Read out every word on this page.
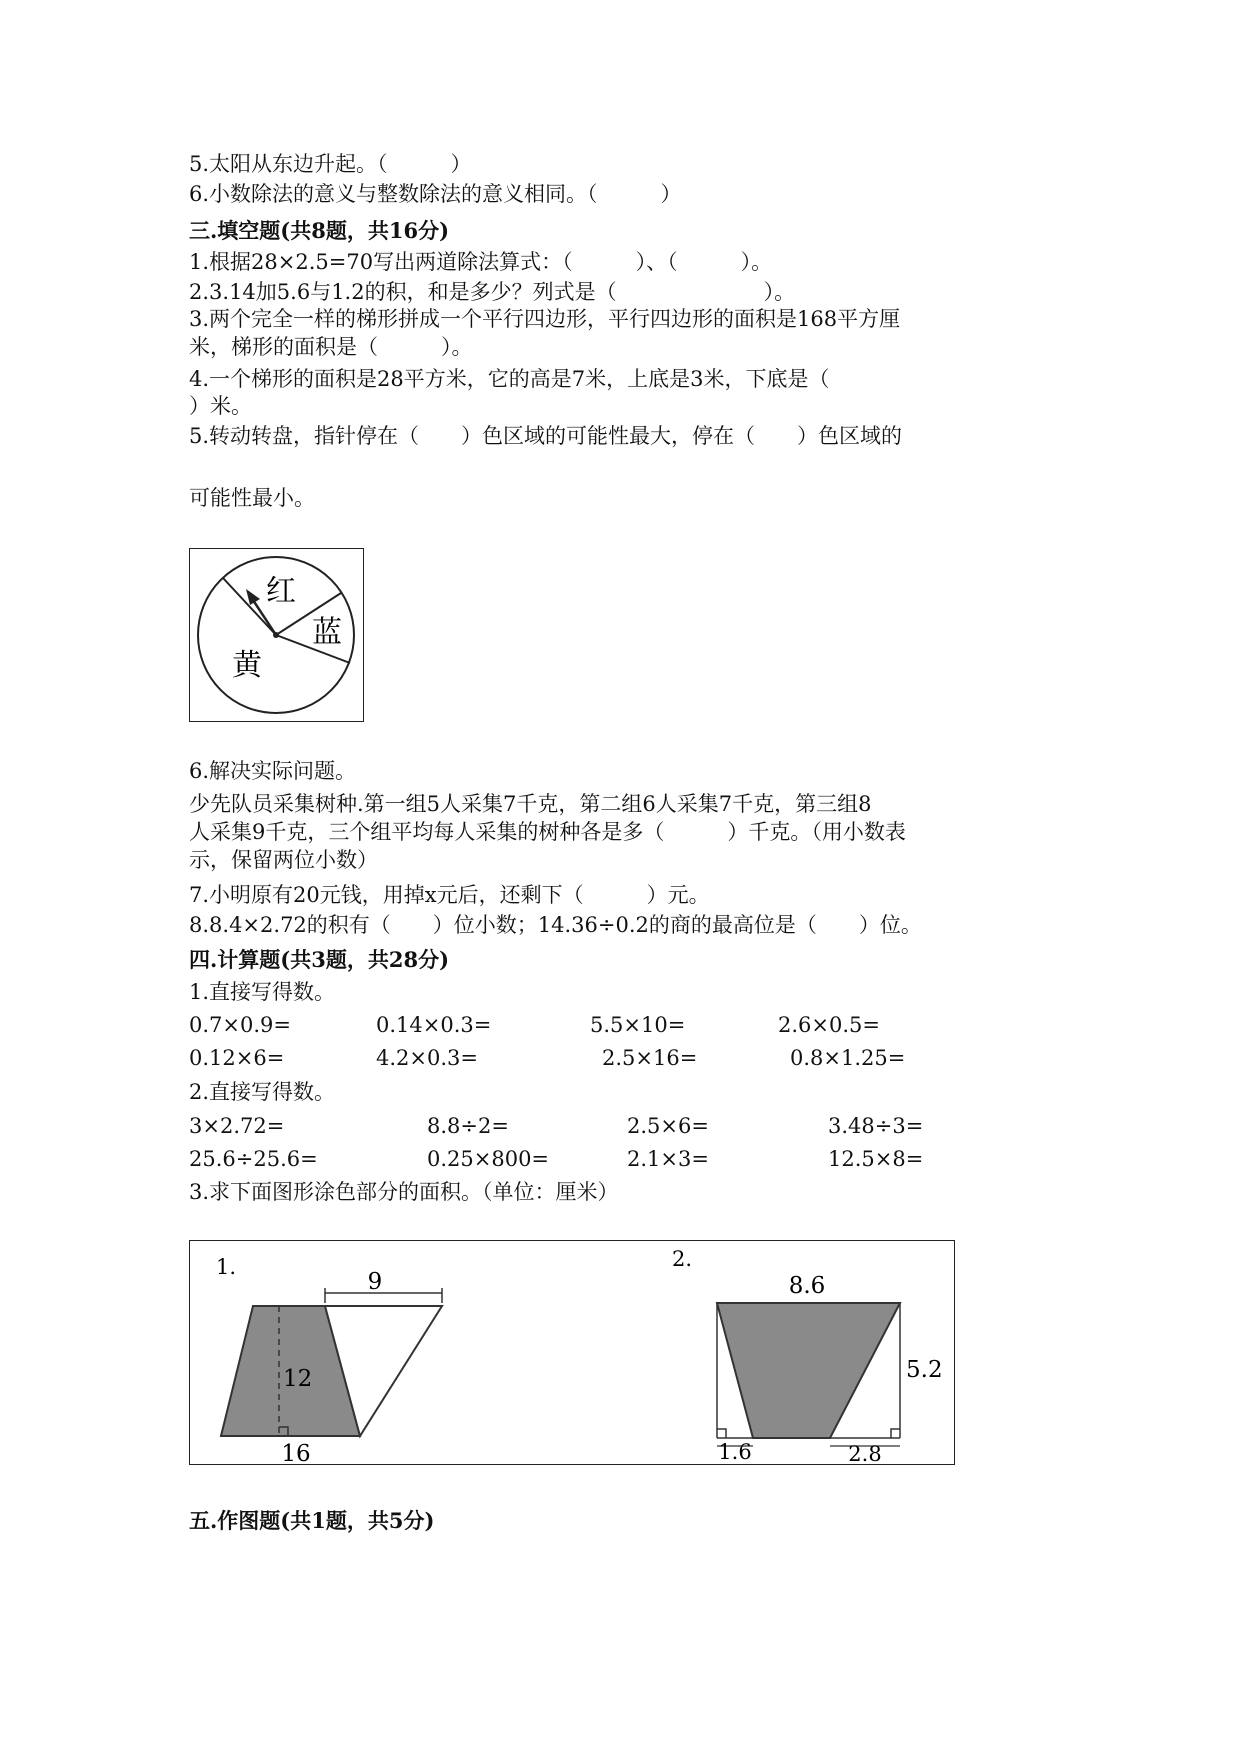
5.太阳从东边升起。（　　　）
6.小数除法的意义与整数除法的意义相同。（　　　）
三.填空题(共8题，共16分)
1.根据28×2.5=70写出两道除法算式：（　　　）、（　　　）。
2.3.14加5.6与1.2的积，和是多少？列式是（　　　　　　　）。
3.两个完全一样的梯形拼成一个平行四边形，平行四边形的面积是168平方厘
米，梯形的面积是（　　　）。
4.一个梯形的面积是28平方米，它的高是7米，上底是3米，下底是（
）米。
5.转动转盘，指针停在（　　）色区域的可能性最大，停在（　　）色区域的
可能性最小。
红
蓝
黄
6.解决实际问题。
少先队员采集树种.第一组5人采集7千克，第二组6人采集7千克，第三组8
人采集9千克，三个组平均每人采集的树种各是多（　　　）千克。（用小数表
示，保留两位小数）
7.小明原有20元钱，用掉x元后，还剩下（　　　）元。
8.8.4×2.72的积有（　　）位小数；14.36÷0.2的商的最高位是（　　）位。
四.计算题(共3题，共28分)
1.直接写得数。
0.7×0.9=	0.14×0.3=	5.5×10=	2.6×0.5=
0.12×6=	4.2×0.3=	2.5×16=	0.8×1.25=
2.直接写得数。
3×2.72=	8.8÷2=	2.5×6=	3.48÷3=
25.6÷25.6=	0.25×800=	2.1×3=	12.5×8=
3.求下面图形涂色部分的面积。（单位：厘米）
1.
9
12
16
2.
8.6
5.2
1.6	2.8
五.作图题(共1题，共5分)
